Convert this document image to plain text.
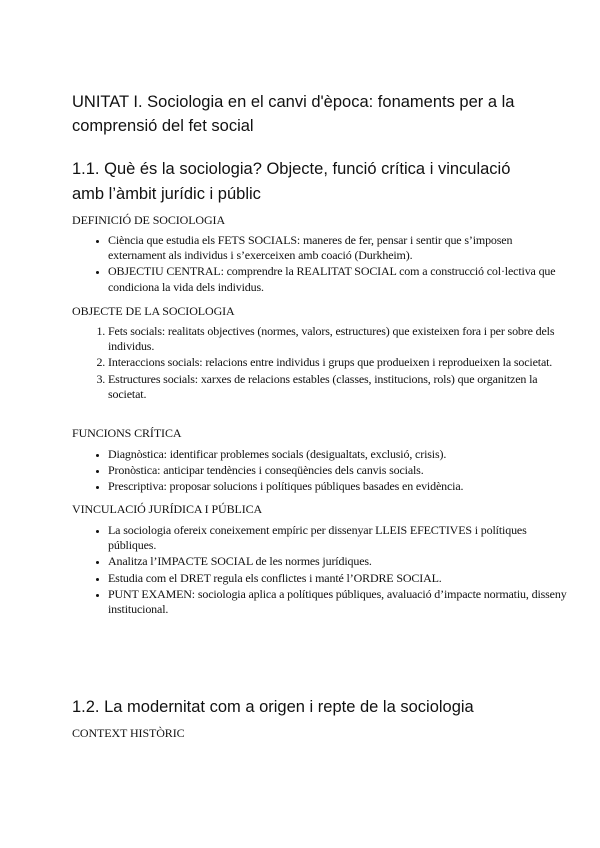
UNITAT I. Sociologia en el canvi d'època: fonaments per a la comprensió del fet social
1.1. Què és la sociologia? Objecte, funció crítica i vinculació amb l’àmbit jurídic i públic

DEFINICIÓ DE SOCIOLOGIA

• Ciència que estudia els FETS SOCIALS: maneres de fer, pensar i sentir que s’imposen externament als individus i s’exerceixen amb coació (Durkheim).
• OBJECTIU CENTRAL: comprendre la REALITAT SOCIAL com a construcció col·lectiva que condiciona la vida dels individus.

OBJECTE DE LA SOCIOLOGIA

1. Fets socials: realitats objectives (normes, valors, estructures) que existeixen fora i per sobre dels individus.
2. Interaccions socials: relacions entre individus i grups que produeixen i reprodueixen la societat.
3. Estructures socials: xarxes de relacions estables (classes, institucions, rols) que organitzen la societat.

FUNCIONS CRÍTICA

• Diagnòstica: identificar problemes socials (desigualtats, exclusió, crisis).
• Pronòstica: anticipar tendències i conseqüències dels canvis socials.
• Prescriptiva: proposar solucions i polítiques públiques basades en evidència.

VINCULACIÓ JURÍDICA I PÚBLICA

• La sociologia ofereix coneixement empíric per dissenyar LLEIS EFECTIVES i polítiques públiques.
• Analitza l’IMPACTE SOCIAL de les normes jurídiques.
• Estudia com el DRET regula els conflictes i manté l’ORDRE SOCIAL.
• PUNT EXAMEN: sociologia aplica a polítiques públiques, avaluació d’impacte normatiu, disseny institucional.
1.2. La modernitat com a origen i repte de la sociologia

CONTEXT HISTÒRIC
